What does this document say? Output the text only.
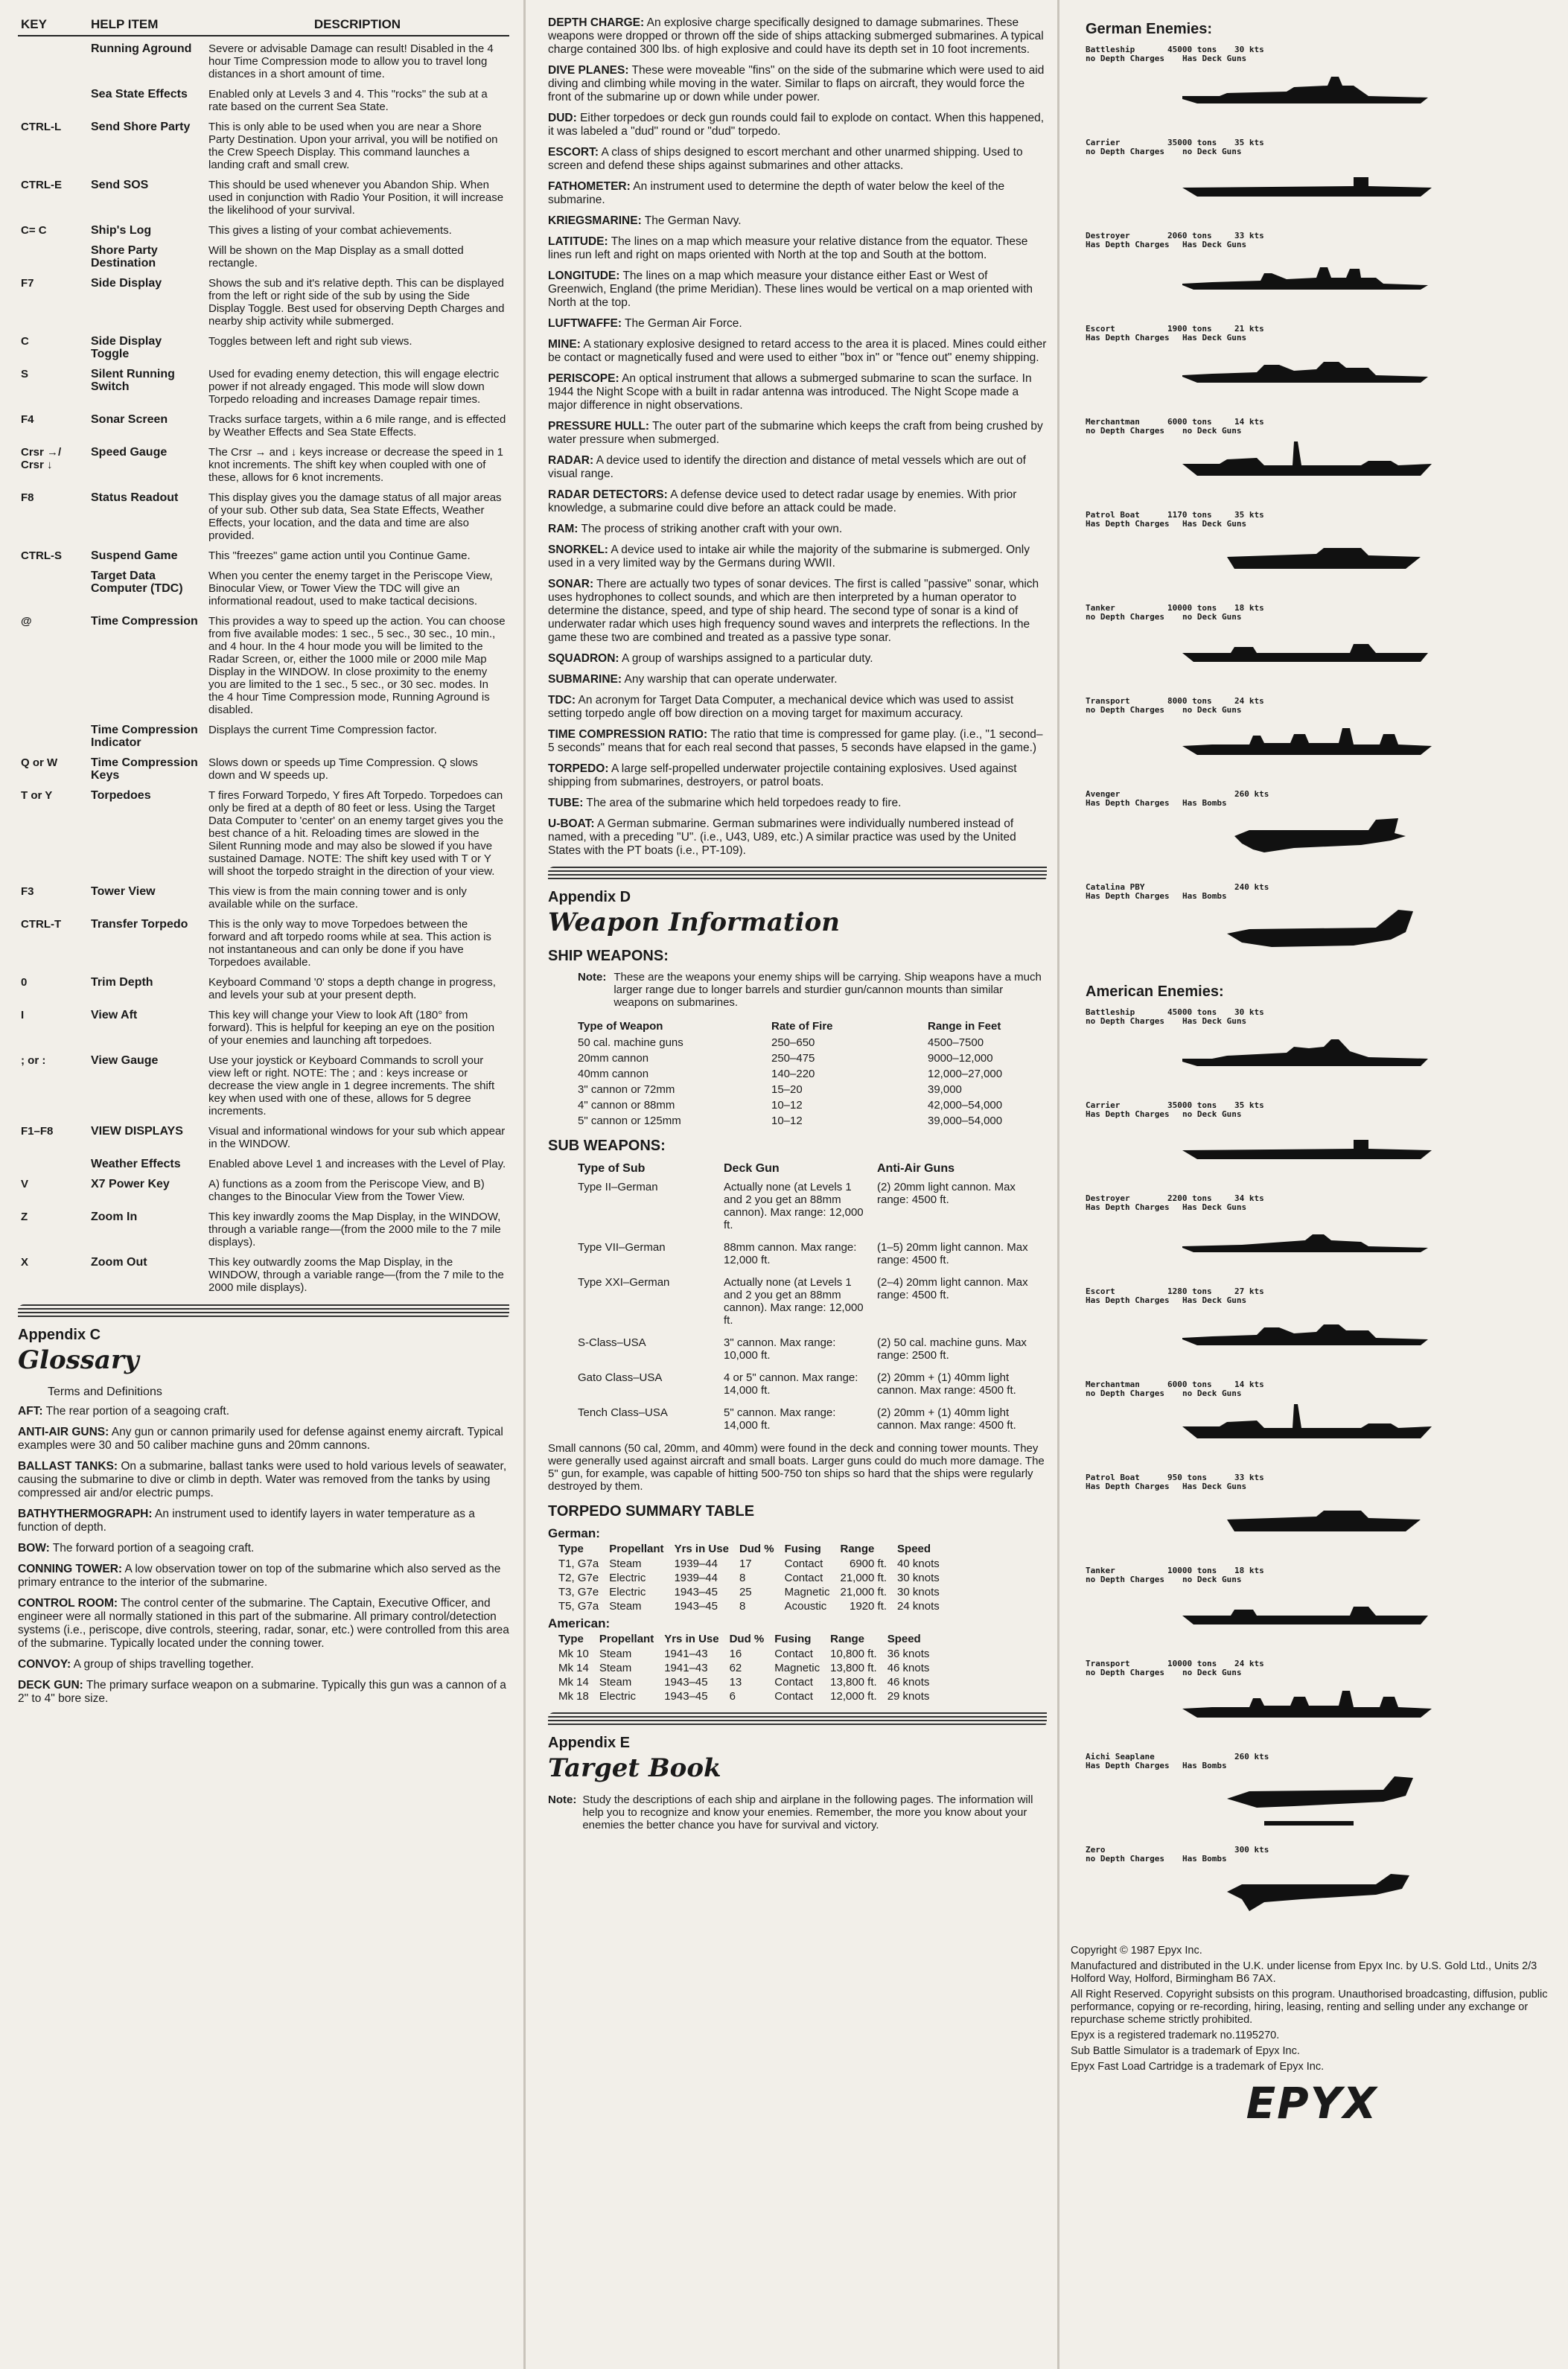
KEY	HELP ITEM	DESCRIPTION
	Running Aground	Severe or advisable Damage can result! Disabled in the 4 hour Time Compression mode to allow you to travel long distances in a short amount of time.
	Sea State Effects	Enabled only at Levels 3 and 4. This "rocks" the sub at a rate based on the current Sea State.
CTRL-L	Send Shore Party	This is only able to be used when you are near a Shore Party Destination. Upon your arrival, you will be notified on the Crew Speech Display. This command launches a landing craft and small crew.
CTRL-E	Send SOS	This should be used whenever you Abandon Ship. When used in conjunction with Radio Your Position, it will increase the likelihood of your survival.
C= C	Ship's Log	This gives a listing of your combat achievements.
	Shore Party Destination	Will be shown on the Map Display as a small dotted rectangle.
F7	Side Display	Shows the sub and it's relative depth. This can be displayed from the left or right side of the sub by using the Side Display Toggle. Best used for observing Depth Charges and nearby ship activity while submerged.
C	Side Display Toggle	Toggles between left and right sub views.
S	Silent Running Switch	Used for evading enemy detection, this will engage electric power if not already engaged. This mode will slow down Torpedo reloading and increases Damage repair times.
F4	Sonar Screen	Tracks surface targets, within a 6 mile range, and is effected by Weather Effects and Sea State Effects.
Crsr →/ Crsr ↓	Speed Gauge	The Crsr → and ↓ keys increase or decrease the speed in 1 knot increments. The shift key when coupled with one of these, allows for 6 knot increments.
F8	Status Readout	This display gives you the damage status of all major areas of your sub. Other sub data, Sea State Effects, Weather Effects, your location, and the data and time are also provided.
CTRL-S	Suspend Game	This "freezes" game action until you Continue Game.
	Target Data Computer (TDC)	When you center the enemy target in the Periscope View, Binocular View, or Tower View the TDC will give an informational readout, used to make tactical decisions.
@	Time Compression	This provides a way to speed up the action. You can choose from five available modes: 1 sec., 5 sec., 30 sec., 10 min., and 4 hour. In the 4 hour mode you will be limited to the Radar Screen, or, either the 1000 mile or 2000 mile Map Display in the WINDOW. In close proximity to the enemy you are limited to the 1 sec., 5 sec., or 30 sec. modes. In the 4 hour Time Compression mode, Running Aground is disabled.
	Time Compression Indicator	Displays the current Time Compression factor.
Q or W	Time Compression Keys	Slows down or speeds up Time Compression. Q slows down and W speeds up.
T or Y	Torpedoes	T fires Forward Torpedo, Y fires Aft Torpedo. Torpedoes can only be fired at a depth of 80 feet or less. Using the Target Data Computer to 'center' on an enemy target gives you the best chance of a hit. Reloading times are slowed in the Silent Running mode and may also be slowed if you have sustained Damage. NOTE: The shift key used with T or Y will shoot the torpedo straight in the direction of your view.
F3	Tower View	This view is from the main conning tower and is only available while on the surface.
CTRL-T	Transfer Torpedo	This is the only way to move Torpedoes between the forward and aft torpedo rooms while at sea. This action is not instantaneous and can only be done if you have Torpedoes available.
0	Trim Depth	Keyboard Command '0' stops a depth change in progress, and levels your sub at your present depth.
I	View Aft	This key will change your View to look Aft (180° from forward). This is helpful for keeping an eye on the position of your enemies and launching aft torpedoes.
; or :	View Gauge	Use your joystick or Keyboard Commands to scroll your view left or right. NOTE: The ; and : keys increase or decrease the view angle in 1 degree increments. The shift key when used with one of these, allows for 5 degree increments.
F1–F8	VIEW DISPLAYS	Visual and informational windows for your sub which appear in the WINDOW.
	Weather Effects	Enabled above Level 1 and increases with the Level of Play.
V	X7 Power Key	A) functions as a zoom from the Periscope View, and B) changes to the Binocular View from the Tower View.
Z	Zoom In	This key inwardly zooms the Map Display, in the WINDOW, through a variable range—(from the 2000 mile to the 7 mile displays).
X	Zoom Out	This key outwardly zooms the Map Display, in the WINDOW, through a variable range—(from the 7 mile to the 2000 mile displays).
Appendix C
Glossary
Terms and Definitions

AFT: The rear portion of a seagoing craft.

ANTI-AIR GUNS: Any gun or cannon primarily used for defense against enemy aircraft. Typical examples were 30 and 50 caliber machine guns and 20mm cannons.

BALLAST TANKS: On a submarine, ballast tanks were used to hold various levels of seawater, causing the submarine to dive or climb in depth. Water was removed from the tanks by using compressed air and/or electric pumps.

BATHYTHERMOGRAPH: An instrument used to identify layers in water temperature as a function of depth.

BOW: The forward portion of a seagoing craft.

CONNING TOWER: A low observation tower on top of the submarine which also served as the primary entrance to the interior of the submarine.

CONTROL ROOM: The control center of the submarine. The Captain, Executive Officer, and engineer were all normally stationed in this part of the submarine. All primary control/detection systems (i.e., periscope, dive controls, steering, radar, sonar, etc.) were controlled from this area of the submarine. Typically located under the conning tower.

CONVOY: A group of ships travelling together.

DECK GUN: The primary surface weapon on a submarine. Typically this gun was a cannon of a 2" to 4" bore size.

DEPTH CHARGE: An explosive charge specifically designed to damage submarines. These weapons were dropped or thrown off the side of ships attacking submerged submarines. A typical charge contained 300 lbs. of high explosive and could have its depth set in 10 foot increments.

DIVE PLANES: These were moveable "fins" on the side of the submarine which were used to aid diving and climbing while moving in the water. Similar to flaps on aircraft, they would force the front of the submarine up or down while under power.

DUD: Either torpedoes or deck gun rounds could fail to explode on contact. When this happened, it was labeled a "dud" round or "dud" torpedo.

ESCORT: A class of ships designed to escort merchant and other unarmed shipping. Used to screen and defend these ships against submarines and other attacks.

FATHOMETER: An instrument used to determine the depth of water below the keel of the submarine.

KRIEGSMARINE: The German Navy.

LATITUDE: The lines on a map which measure your relative distance from the equator. These lines run left and right on maps oriented with North at the top and South at the bottom.

LONGITUDE: The lines on a map which measure your distance either East or West of Greenwich, England (the prime Meridian). These lines would be vertical on a map oriented with North at the top.

LUFTWAFFE: The German Air Force.

MINE: A stationary explosive designed to retard access to the area it is placed. Mines could either be contact or magnetically fused and were used to either "box in" or "fence out" enemy shipping.

PERISCOPE: An optical instrument that allows a submerged submarine to scan the surface. In 1944 the Night Scope with a built in radar antenna was introduced. The Night Scope made a major difference in night observations.

PRESSURE HULL: The outer part of the submarine which keeps the craft from being crushed by water pressure when submerged.

RADAR: A device used to identify the direction and distance of metal vessels which are out of visual range.

RADAR DETECTORS: A defense device used to detect radar usage by enemies. With prior knowledge, a submarine could dive before an attack could be made.

RAM: The process of striking another craft with your own.

SNORKEL: A device used to intake air while the majority of the submarine is submerged. Only used in a very limited way by the Germans during WWII.

SONAR: There are actually two types of sonar devices. The first is called "passive" sonar, which uses hydrophones to collect sounds, and which are then interpreted by a human operator to determine the distance, speed, and type of ship heard. The second type of sonar is a kind of underwater radar which uses high frequency sound waves and interprets the reflections. In the game these two are combined and treated as a passive type sonar.

SQUADRON: A group of warships assigned to a particular duty.

SUBMARINE: Any warship that can operate underwater.

TDC: An acronym for Target Data Computer, a mechanical device which was used to assist setting torpedo angle off bow direction on a moving target for maximum accuracy.

TIME COMPRESSION RATIO: The ratio that time is compressed for game play. (i.e., "1 second–5 seconds" means that for each real second that passes, 5 seconds have elapsed in the game.)

TORPEDO: A large self-propelled underwater projectile containing explosives. Used against shipping from submarines, destroyers, or patrol boats.

TUBE: The area of the submarine which held torpedoes ready to fire.

U-BOAT: A German submarine. German submarines were individually numbered instead of named, with a preceding "U". (i.e., U43, U89, etc.) A similar practice was used by the United States with the PT boats (i.e., PT-109).

Appendix D
Weapon Information
SHIP WEAPONS:
Note: These are the weapons your enemy ships will be carrying. Ship weapons have a much larger range due to longer barrels and sturdier gun/cannon mounts than similar weapons on submarines.
Type of Weapon	Rate of Fire	Range in Feet
50 cal. machine guns	250–650	4500–7500
20mm cannon	250–475	9000–12,000
40mm cannon	140–220	12,000–27,000
3" cannon or 72mm	15–20	39,000
4" cannon or 88mm	10–12	42,000–54,000
5" cannon or 125mm	10–12	39,000–54,000
SUB WEAPONS:
Type of Sub	Deck Gun	Anti-Air Guns
Type II–German	Actually none (at Levels 1 and 2 you get an 88mm cannon). Max range: 12,000 ft.	(2) 20mm light cannon. Max range: 4500 ft.
Type VII–German	88mm cannon. Max range: 12,000 ft.	(1–5) 20mm light cannon. Max range: 4500 ft.
Type XXI–German	Actually none (at Levels 1 and 2 you get an 88mm cannon). Max range: 12,000 ft.	(2–4) 20mm light cannon. Max range: 4500 ft.
S-Class–USA	3" cannon. Max range: 10,000 ft.	(2) 50 cal. machine guns. Max range: 2500 ft.
Gato Class–USA	4 or 5" cannon. Max range: 14,000 ft.	(2) 20mm + (1) 40mm light cannon. Max range: 4500 ft.
Tench Class–USA	5" cannon. Max range: 14,000 ft.	(2) 20mm + (1) 40mm light cannon. Max range: 4500 ft.

Small cannons (50 cal, 20mm, and 40mm) were found in the deck and conning tower mounts. They were generally used against aircraft and small boats. Larger guns could do much more damage. The 5" gun, for example, was capable of hitting 500-750 ton ships so hard that the ships were regularly destroyed by them.

TORPEDO SUMMARY TABLE
German:
Type	Propellant	Yrs in Use	Dud %	Fusing	Range	Speed
T1, G7a	Steam	1939–44	17	Contact	6900 ft.	40 knots
T2, G7e	Electric	1939–44	8	Contact	21,000 ft.	30 knots
T3, G7e	Electric	1943–45	25	Magnetic	21,000 ft.	30 knots
T5, G7a	Steam	1943–45	8	Acoustic	1920 ft.	24 knots
American:
Type	Propellant	Yrs in Use	Dud %	Fusing	Range	Speed
Mk 10	Steam	1941–43	16	Contact	10,800 ft.	36 knots
Mk 14	Steam	1941–43	62	Magnetic	13,800 ft.	46 knots
Mk 14	Steam	1943–45	13	Contact	13,800 ft.	46 knots
Mk 18	Electric	1943–45	6	Contact	12,000 ft.	29 knots
Appendix E
Target Book
Note: Study the descriptions of each ship and airplane in the following pages. The information will help you to recognize and know your enemies. Remember, the more you know about your enemies the better chance you have for survival and victory.
German Enemies:
Battleship	45000 tons 30 kts
no Depth Charges Has Deck Guns
Carrier	35000 tons 35 kts
no Depth Charges no Deck Guns
Destroyer	2060 tons	33 kts
Has Depth Charges Has Deck Guns
Escort	1900 tons	21 kts
Has Depth Charges Has Deck Guns
Merchantman	6000 tons	14 kts
no Depth Charges no Deck Guns
Patrol Boat	1170 tons	35 kts
Has Depth Charges Has Deck Guns
Tanker	10000 tons 18 kts
no Depth Charges no Deck Guns
Transport	8000 tons	24 kts
no Depth Charges no Deck Guns
Avenger	260 kts
Has Depth Charges Has Bombs
Catalina PBY	240 kts
Has Depth Charges Has Bombs
American Enemies:
Battleship	45000 tons 30 kts
no Depth Charges Has Deck Guns
Carrier	35000 tons 35 kts
Has Depth Charges no Deck Guns
Destroyer	2200 tons	34 kts
Has Depth Charges Has Deck Guns
Escort	1280 tons	27 kts
Has Depth Charges Has Deck Guns
Merchantman	6000 tons	14 kts
no Depth Charges no Deck Guns
Patrol Boat	950 tons	33 kts
Has Depth Charges Has Deck Guns
Tanker	10000 tons 18 kts
no Depth Charges no Deck Guns
Transport	10000 tons 24 kts
no Depth Charges no Deck Guns
Aichi Seaplane	260 kts
Has Depth Charges Has Bombs
Zero	300 kts
no Depth Charges Has Bombs

Copyright © 1987 Epyx Inc.

Manufactured and distributed in the U.K. under license from Epyx Inc. by U.S. Gold Ltd., Units 2/3 Holford Way, Holford, Birmingham B6 7AX.

All Right Reserved. Copyright subsists on this program. Unauthorised broadcasting, diffusion, public performance, copying or re-recording, hiring, leasing, renting and selling under any exchange or repurchase scheme strictly prohibited.

Epyx is a registered trademark no.1195270.

Sub Battle Simulator is a trademark of Epyx Inc.

Epyx Fast Load Cartridge is a trademark of Epyx Inc.

EPYX
